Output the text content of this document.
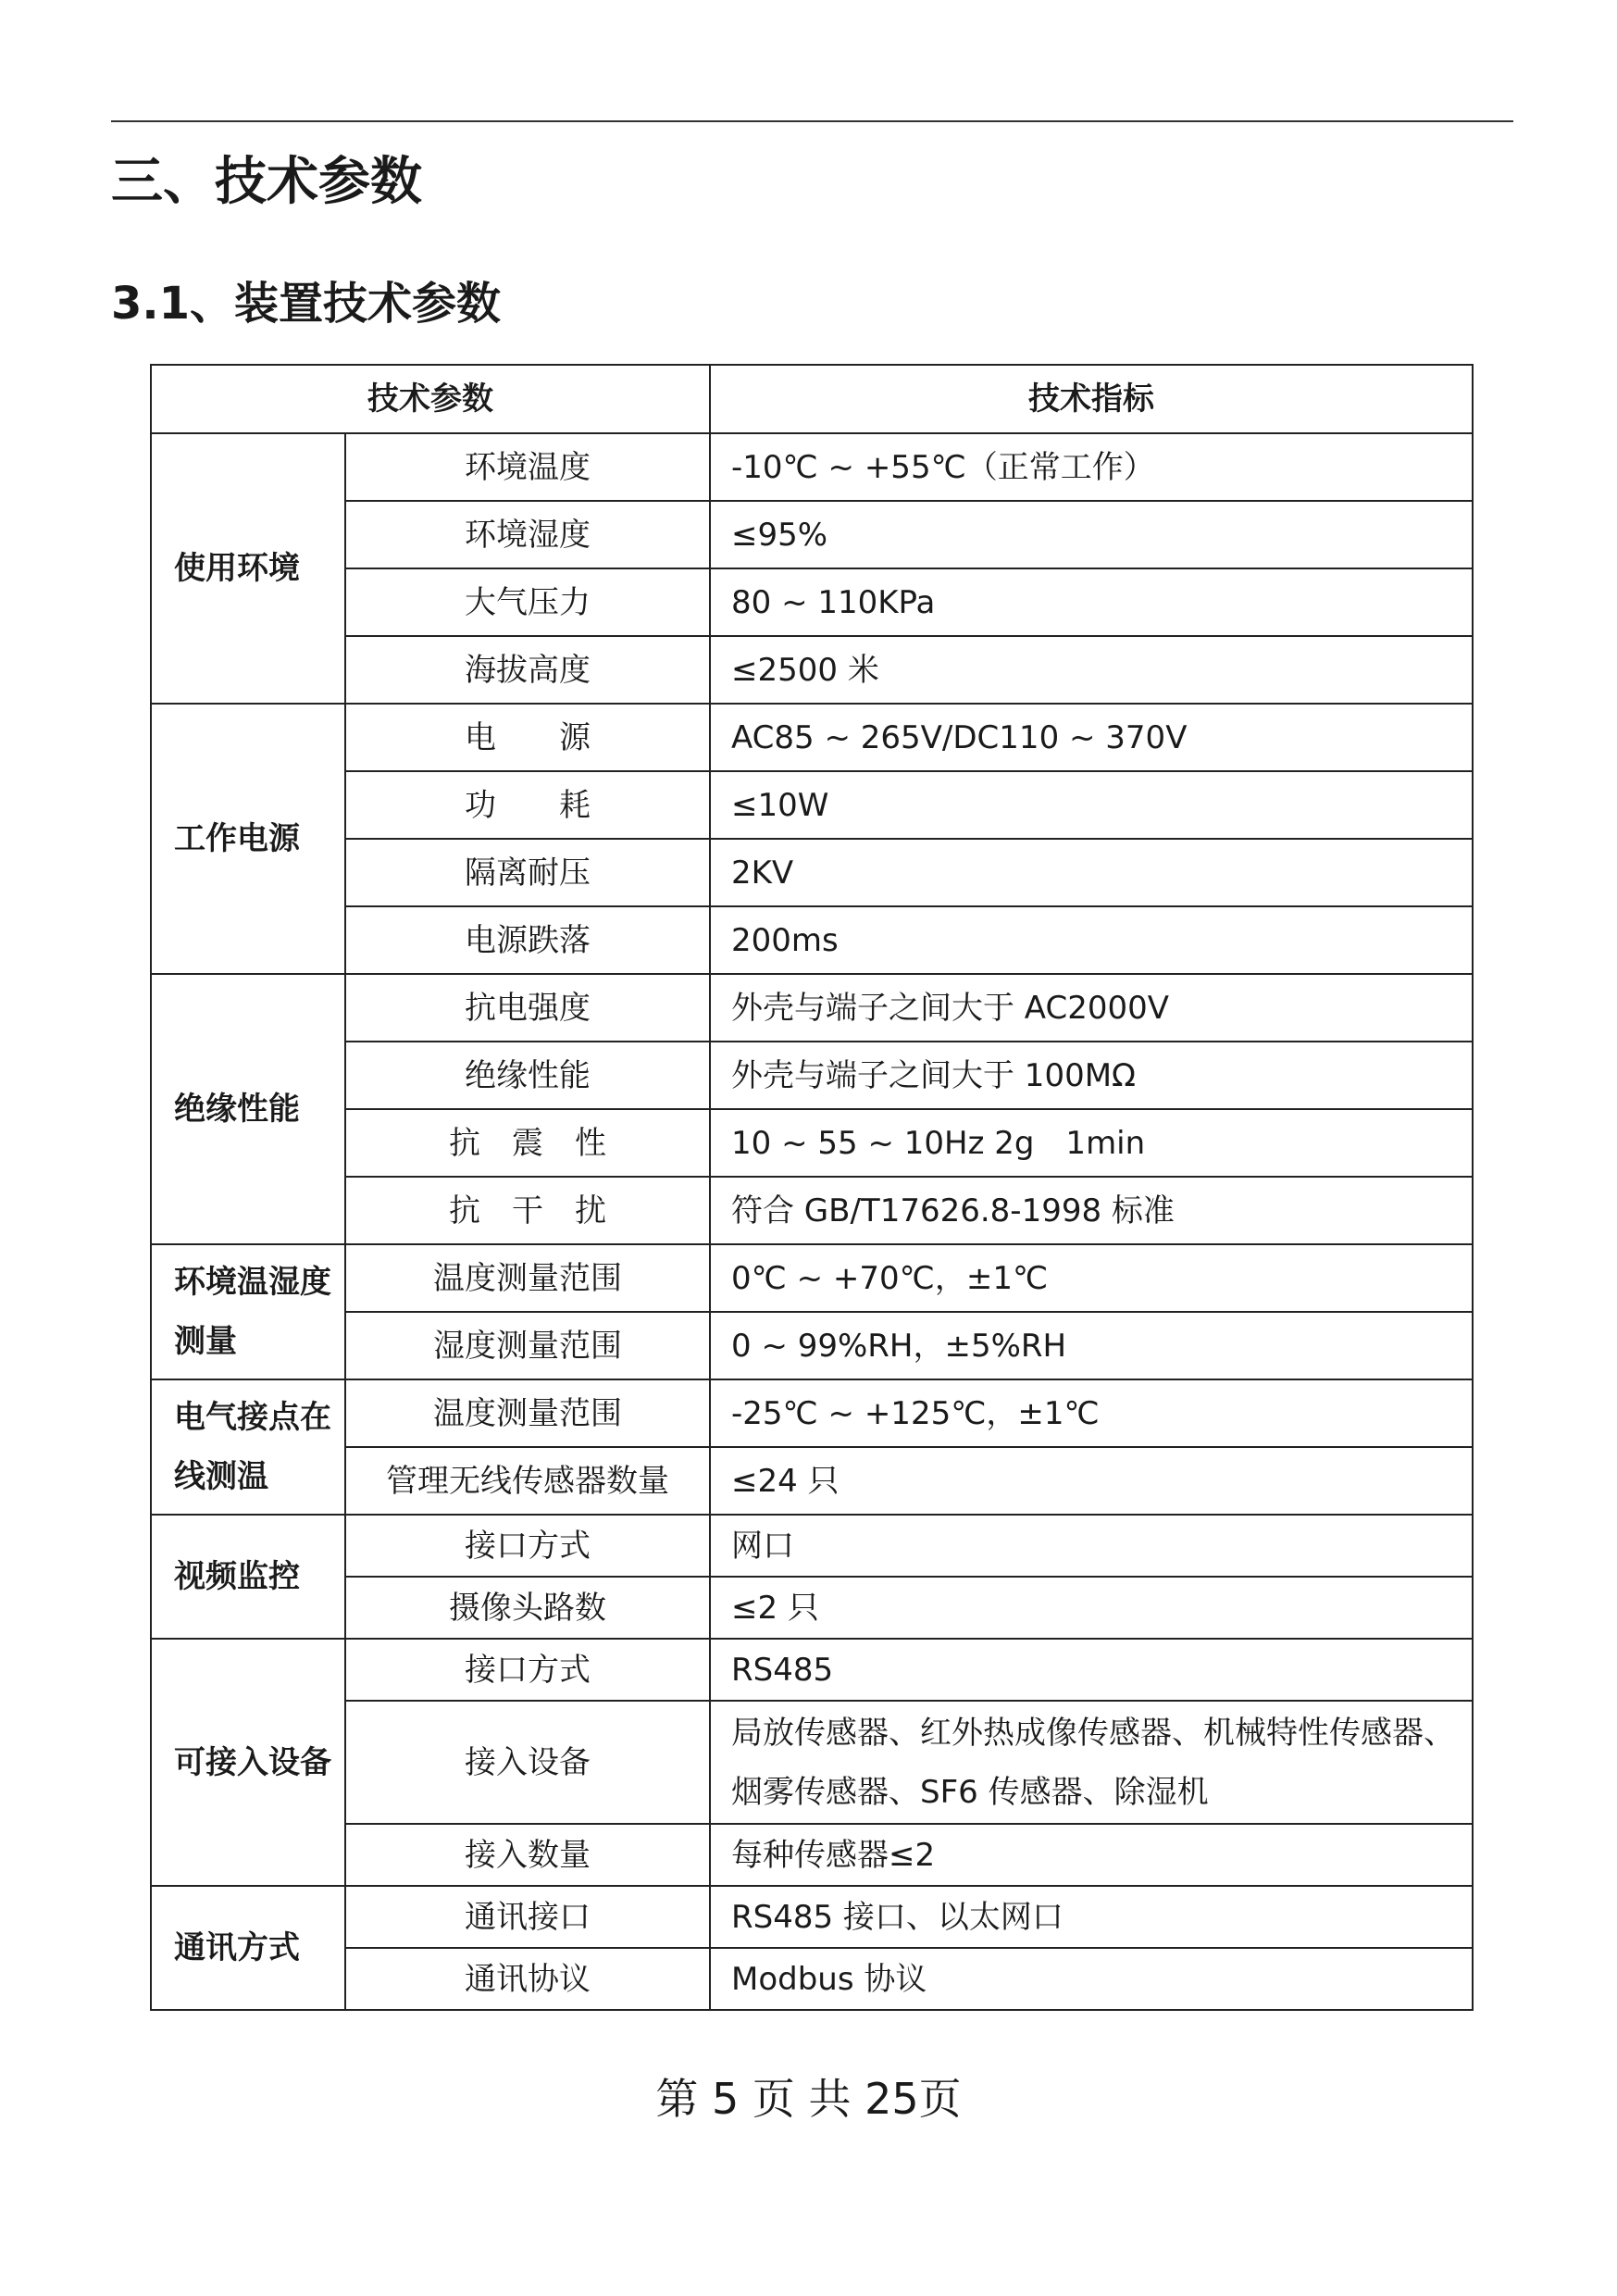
三、技术参数
3.1、装置技术参数
技术参数		技术指标
使用环境	环境温度	-10℃ ~ +55℃（正常工作）
	环境湿度	≤95%
	大气压力	80 ~ 110KPa
	海拔高度	≤2500 米
工作电源	电　　源	AC85 ~ 265V/DC110 ~ 370V
	功　　耗	≤10W
	隔离耐压	2KV
	电源跌落	200ms
绝缘性能	抗电强度	外壳与端子之间大于 AC2000V
	绝缘性能	外壳与端子之间大于 100MΩ
	抗　震　性	10 ~ 55 ~ 10Hz 2g　1min
	抗　干　扰	符合 GB/T17626.8-1998 标准
环境温湿度测量	温度测量范围	0℃ ~ +70℃，±1℃
	湿度测量范围	0 ~ 99%RH，±5%RH
电气接点在线测温	温度测量范围	-25℃ ~ +125℃，±1℃
	管理无线传感器数量	≤24 只
视频监控	接口方式	网口
	摄像头路数	≤2 只
可接入设备	接口方式	RS485
	接入设备	局放传感器、红外热成像传感器、机械特性传感器、烟雾传感器、SF6 传感器、除湿机
	接入数量	每种传感器≤2
通讯方式	通讯接口	RS485 接口、以太网口
	通讯协议	Modbus 协议
第 5 页 共 25页
